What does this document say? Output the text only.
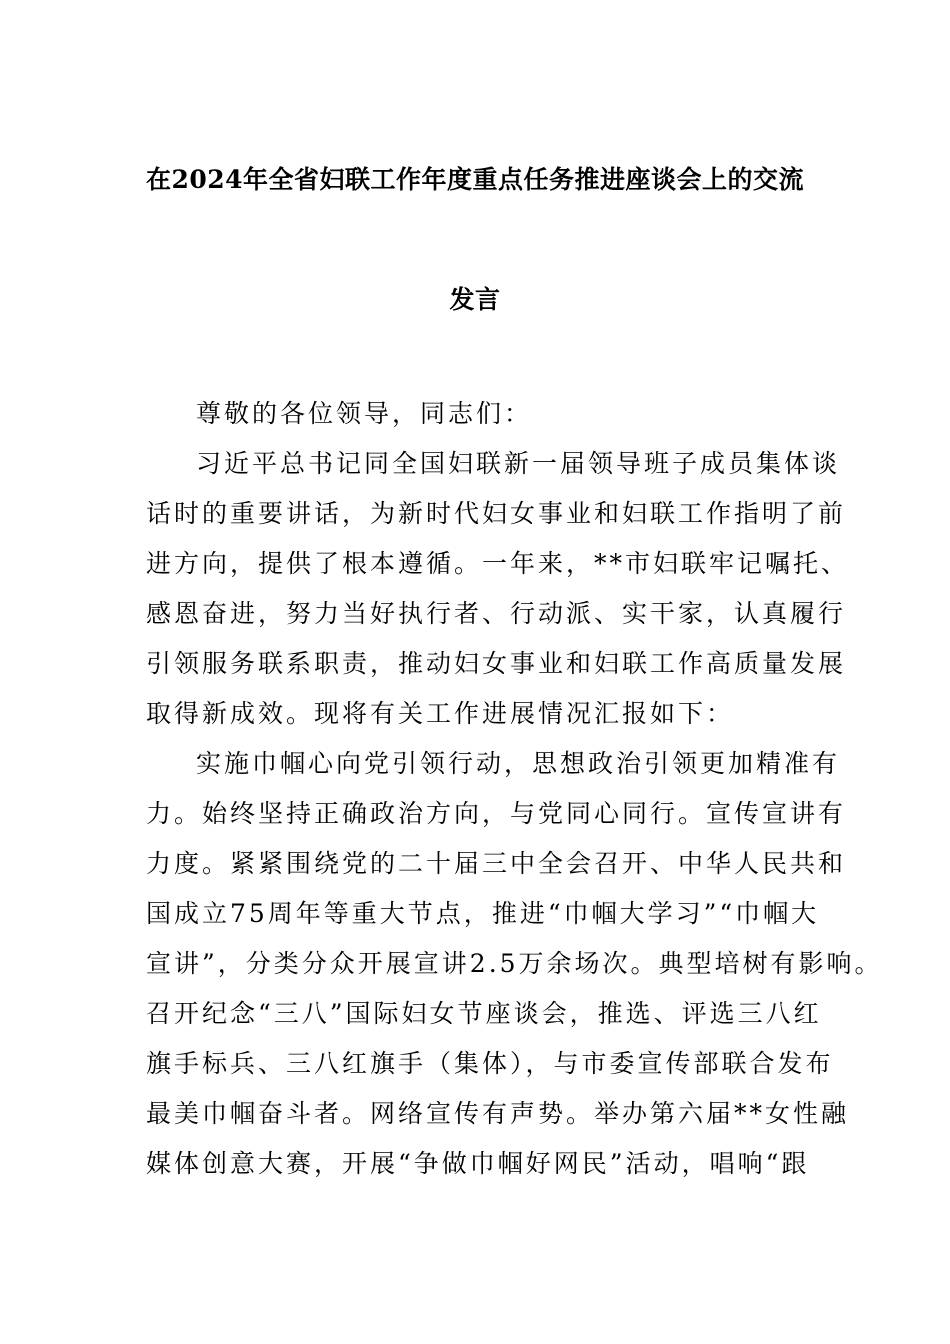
在2024年全省妇联工作年度重点任务推进座谈会上的交流
发言
尊敬的各位领导，同志们：
习近平总书记同全国妇联新一届领导班子成员集体谈
话时的重要讲话，为新时代妇女事业和妇联工作指明了前
进方向，提供了根本遵循。一年来，**市妇联牢记嘱托、
感恩奋进，努力当好执行者、行动派、实干家，认真履行
引领服务联系职责，推动妇女事业和妇联工作高质量发展
取得新成效。现将有关工作进展情况汇报如下：
实施巾帼心向党引领行动，思想政治引领更加精准有
力。始终坚持正确政治方向，与党同心同行。宣传宣讲有
力度。紧紧围绕党的二十届三中全会召开、中华人民共和
国成立75周年等重大节点，推进“巾帼大学习”“巾帼大
宣讲”，分类分众开展宣讲2.5万余场次。典型培树有影响。
召开纪念“三八”国际妇女节座谈会，推选、评选三八红
旗手标兵、三八红旗手（集体），与市委宣传部联合发布
最美巾帼奋斗者。网络宣传有声势。举办第六届**女性融
媒体创意大赛，开展“争做巾帼好网民”活动，唱响“跟
